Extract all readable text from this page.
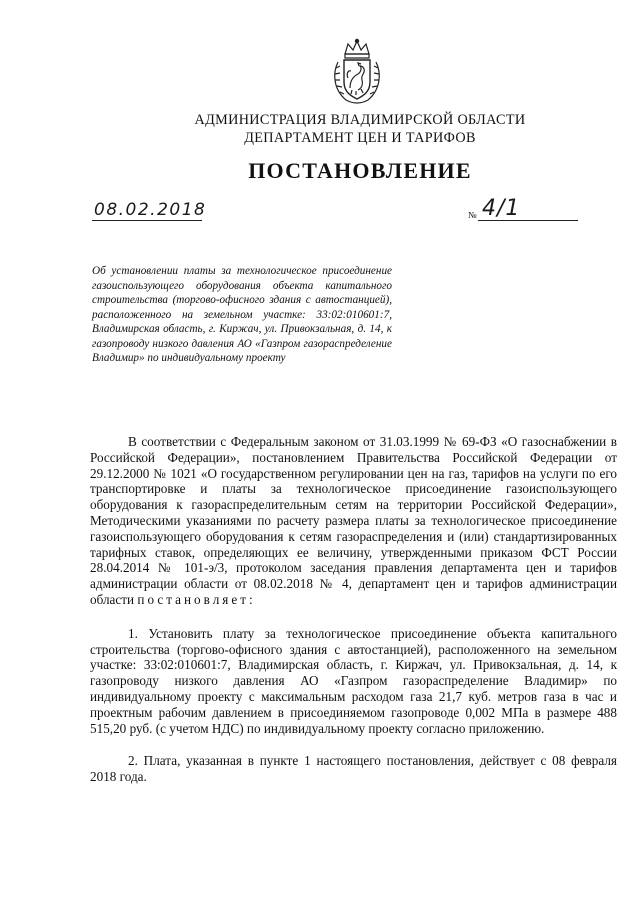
АДМИНИСТРАЦИЯ ВЛАДИМИРСКОЙ ОБЛАСТИ
ДЕПАРТАМЕНТ ЦЕН И ТАРИФОВ
ПОСТАНОВЛЕНИЕ
08.02.2018	№ 4/1
Об установлении платы за технологическое присоединение газоиспользующего оборудования объекта капитального строительства (торгово-офисного здания с автостанцией), расположенного на земельном участке: 33:02:010601:7, Владимирская область, г. Киржач, ул. Привокзальная, д. 14, к газопроводу низкого давления АО «Газпром газораспределение Владимир» по индивидуальному проекту

В соответствии с Федеральным законом от 31.03.1999 № 69-ФЗ «О газоснабжении в Российской Федерации», постановлением Правительства Российской Федерации от 29.12.2000 № 1021 «О государственном регулировании цен на газ, тарифов на услуги по его транспортировке и платы за технологическое присоединение газоиспользующего оборудования к газораспределительным сетям на территории Российской Федерации», Методическими указаниями по расчету размера платы за технологическое присоединение газоиспользующего оборудования к сетям газораспределения и (или) стандартизированных тарифных ставок, определяющих ее величину, утвержденными приказом ФСТ России 28.04.2014 № 101-э/3, протоколом заседания правления департамента цен и тарифов администрации области от 08.02.2018 № 4, департамент цен и тарифов администрации области постановляет:

1. Установить плату за технологическое присоединение объекта капитального строительства (торгово-офисного здания с автостанцией), расположенного на земельном участке: 33:02:010601:7, Владимирская область, г. Киржач, ул. Привокзальная, д. 14, к газопроводу низкого давления АО «Газпром газораспределение Владимир» по индивидуальному проекту с максимальным расходом газа 21,7 куб. метров газа в час и проектным рабочим давлением в присоединяемом газопроводе 0,002 МПа в размере 488 515,20 руб. (с учетом НДС) по индивидуальному проекту согласно приложению.

2. Плата, указанная в пункте 1 настоящего постановления, действует с 08 февраля 2018 года.
